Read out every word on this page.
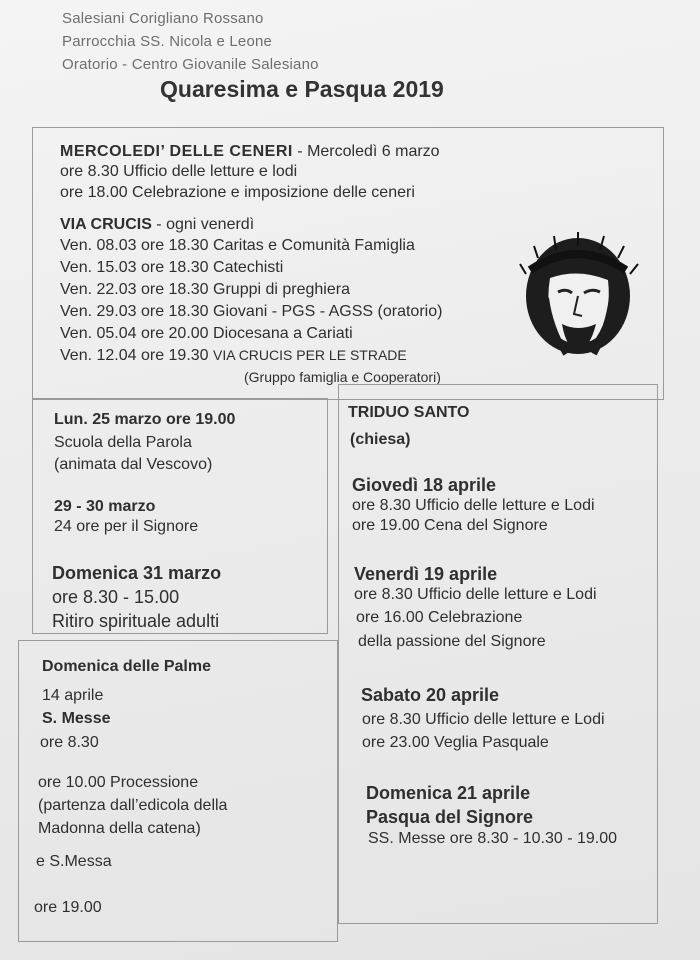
Salesiani Corigliano Rossano
Parrocchia SS. Nicola e Leone
Oratorio - Centro Giovanile Salesiano
Quaresima e Pasqua 2019
MERCOLEDI’ DELLE CENERI - Mercoledì 6 marzo
ore 8.30 Ufficio delle letture e lodi
ore 18.00 Celebrazione e imposizione delle ceneri
VIA CRUCIS - ogni venerdì
Ven. 08.03 ore 18.30 Caritas e Comunità Famiglia
Ven. 15.03 ore 18.30 Catechisti
Ven. 22.03 ore 18.30 Gruppi di preghiera
Ven. 29.03 ore 18.30 Giovani - PGS - AGSS (oratorio)
Ven. 05.04 ore 20.00 Diocesana a Cariati
Ven. 12.04 ore 19.30 VIA CRUCIS PER LE STRADE
(Gruppo famiglia e Cooperatori)
Lun. 25 marzo ore 19.00
Scuola della Parola
(animata dal Vescovo)
29 - 30 marzo
24 ore per il Signore
Domenica 31 marzo
ore 8.30 - 15.00
Ritiro spirituale adulti
Domenica delle Palme
14 aprile
S. Messe
ore 8.30
ore 10.00 Processione
(partenza dall’edicola della
Madonna della catena)
e S.Messa
ore 19.00
TRIDUO SANTO
(chiesa)
Giovedì 18 aprile
ore 8.30 Ufficio delle letture e Lodi
ore 19.00 Cena del Signore
Venerdì 19 aprile
ore 8.30 Ufficio delle letture e Lodi
ore 16.00 Celebrazione
della passione del Signore
Sabato 20 aprile
ore 8.30 Ufficio delle letture e Lodi
ore 23.00 Veglia Pasquale
Domenica 21 aprile
Pasqua del Signore
SS. Messe ore 8.30 - 10.30 - 19.00
